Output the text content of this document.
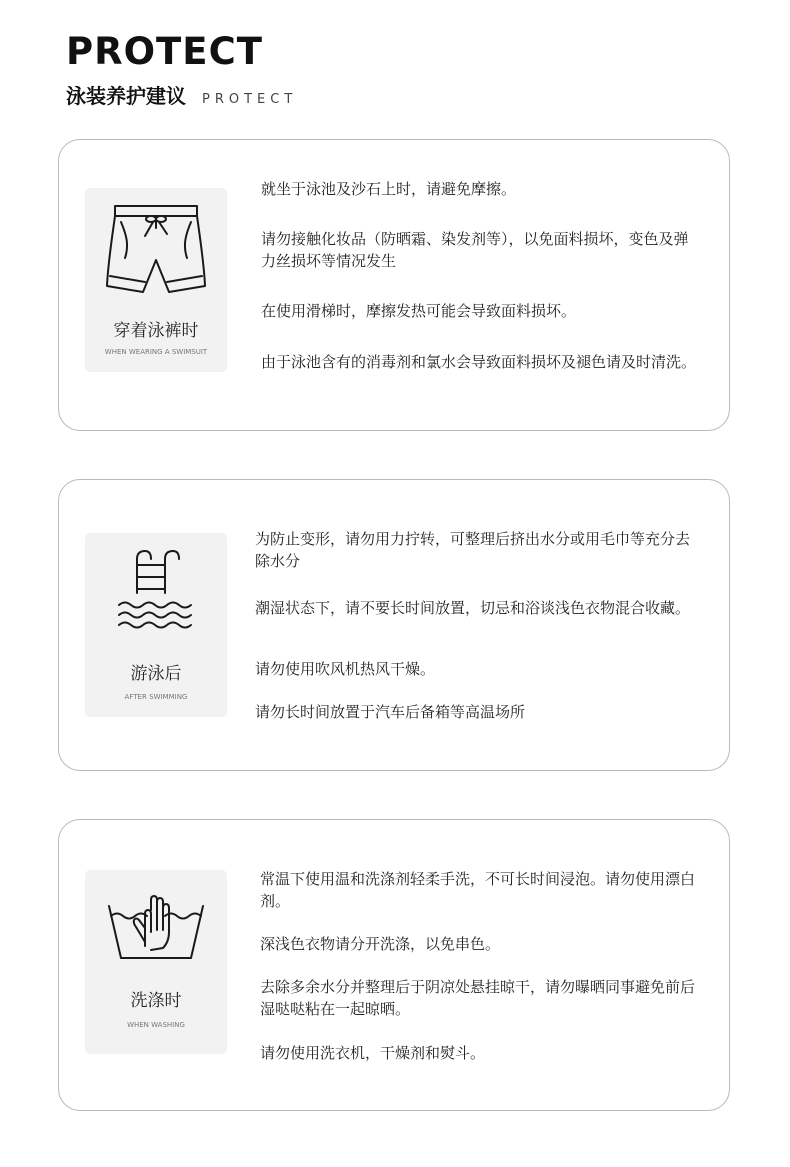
PROTECT
泳装养护建议 PROTECT
穿着泳裤时
WHEN WEARING A SWIMSUIT
就坐于泳池及沙石上时，请避免摩擦。
请勿接触化妆品（防晒霜、染发剂等），以免面料损坏，变色及弹力丝损坏等情况发生
在使用滑梯时，摩擦发热可能会导致面料损坏。
由于泳池含有的消毒剂和氯水会导致面料损坏及褪色请及时清洗。
游泳后
AFTER SWIMMING
为防止变形，请勿用力拧转，可整理后挤出水分或用毛巾等充分去除水分
潮湿状态下，请不要长时间放置，切忌和浴谈浅色衣物混合收藏。
请勿使用吹风机热风干燥。
请勿长时间放置于汽车后备箱等高温场所
洗涤时
WHEN WASHING
常温下使用温和洗涤剂轻柔手洗，不可长时间浸泡。请勿使用漂白剂。
深浅色衣物请分开洗涤，以免串色。
去除多余水分并整理后于阴凉处悬挂晾干，请勿曝晒同事避免前后湿哒哒粘在一起晾晒。
请勿使用洗衣机，干燥剂和熨斗。
